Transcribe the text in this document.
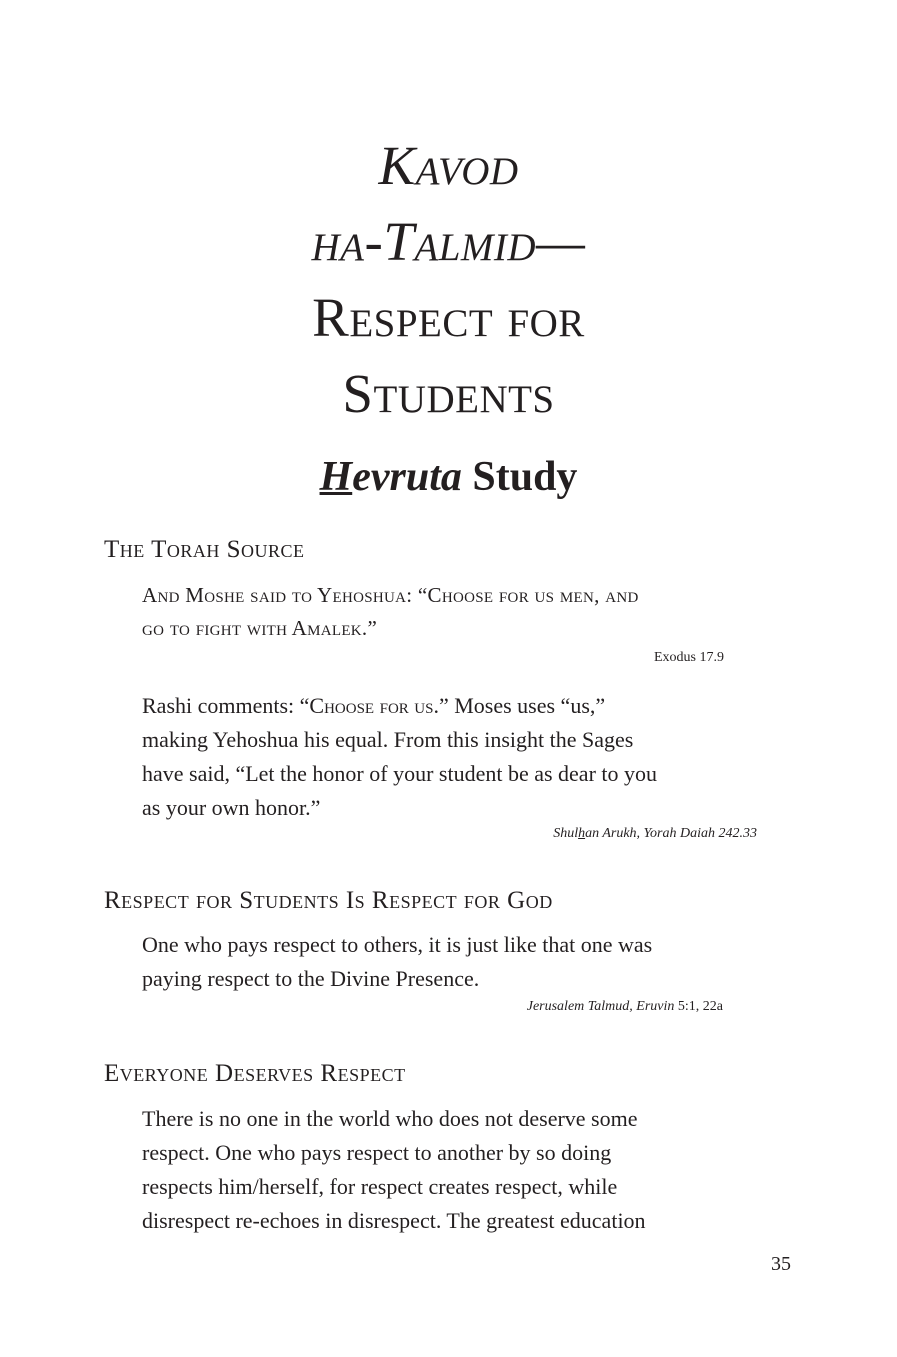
Kavod
ha-Talmid—
Respect for
Students
Hevruta Study
The Torah Source
And Moshe said to Yehoshua: “Choose for us men, and
go to fight with Amalek.”
Exodus 17.9
Rashi comments: “Choose for us.” Moses uses “us,”
making Yehoshua his equal. From this insight the Sages
have said, “Let the honor of your student be as dear to you
as your own honor.”
Shulhan Arukh, Yorah Daiah 242.33
Respect for Students Is Respect for God
One who pays respect to others, it is just like that one was
paying respect to the Divine Presence.
Jerusalem Talmud, Eruvin 5:1, 22a
Everyone Deserves Respect
There is no one in the world who does not deserve some
respect. One who pays respect to another by so doing
respects him/herself, for respect creates respect, while
disrespect re-echoes in disrespect. The greatest education
35
